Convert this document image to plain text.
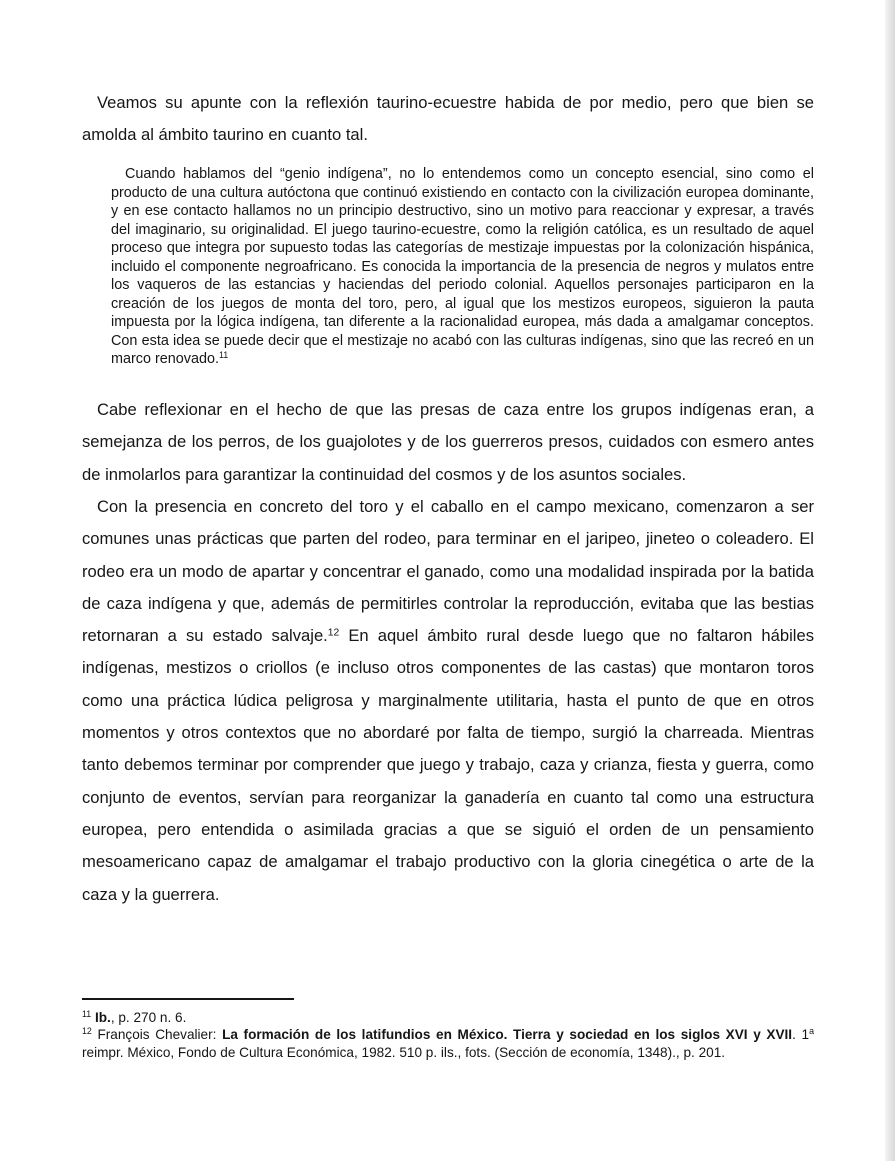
Veamos su apunte con la reflexión taurino-ecuestre habida de por medio, pero que bien se amolda al ámbito taurino en cuanto tal.

Cuando hablamos del “genio indígena”, no lo entendemos como un concepto esencial, sino como el producto de una cultura autóctona que continuó existiendo en contacto con la civilización europea dominante, y en ese contacto hallamos no un principio destructivo, sino un motivo para reaccionar y expresar, a través del imaginario, su originalidad. El juego taurino-ecuestre, como la religión católica, es un resultado de aquel proceso que integra por supuesto todas las categorías de mestizaje impuestas por la colonización hispánica, incluido el componente negroafricano. Es conocida la importancia de la presencia de negros y mulatos entre los vaqueros de las estancias y haciendas del periodo colonial. Aquellos personajes participaron en la creación de los juegos de monta del toro, pero, al igual que los mestizos europeos, siguieron la pauta impuesta por la lógica indígena, tan diferente a la racionalidad europea, más dada a amalgamar conceptos. Con esta idea se puede decir que el mestizaje no acabó con las culturas indígenas, sino que las recreó en un marco renovado.$^{11}$

Cabe reflexionar en el hecho de que las presas de caza entre los grupos indígenas eran, a semejanza de los perros, de los guajolotes y de los guerreros presos, cuidados con esmero antes de inmolarlos para garantizar la continuidad del cosmos y de los asuntos sociales.

Con la presencia en concreto del toro y el caballo en el campo mexicano, comenzaron a ser comunes unas prácticas que parten del rodeo, para terminar en el jaripeo, jineteo o coleadero. El rodeo era un modo de apartar y concentrar el ganado, como una modalidad inspirada por la batida de caza indígena y que, además de permitirles controlar la reproducción, evitaba que las bestias retornaran a su estado salvaje.$^{12}$ En aquel ámbito rural desde luego que no faltaron hábiles indígenas, mestizos o criollos (e incluso otros componentes de las castas) que montaron toros como una práctica lúdica peligrosa y marginalmente utilitaria, hasta el punto de que en otros momentos y otros contextos que no abordaré por falta de tiempo, surgió la charreada. Mientras tanto debemos terminar por comprender que juego y trabajo, caza y crianza, fiesta y guerra, como conjunto de eventos, servían para reorganizar la ganadería en cuanto tal como una estructura europea, pero entendida o asimilada gracias a que se siguió el orden de un pensamiento mesoamericano capaz de amalgamar el trabajo productivo con la gloria cinegética o arte de la caza y la guerrera.

$^{11}$ Ib., p. 270 n. 6.

$^{12}$ François Chevalier: La formación de los latifundios en México. Tierra y sociedad en los siglos XVI y XVII. 1$^a$ reimpr. México, Fondo de Cultura Económica, 1982. 510 p. ils., fots. (Sección de economía, 1348)., p. 201.
